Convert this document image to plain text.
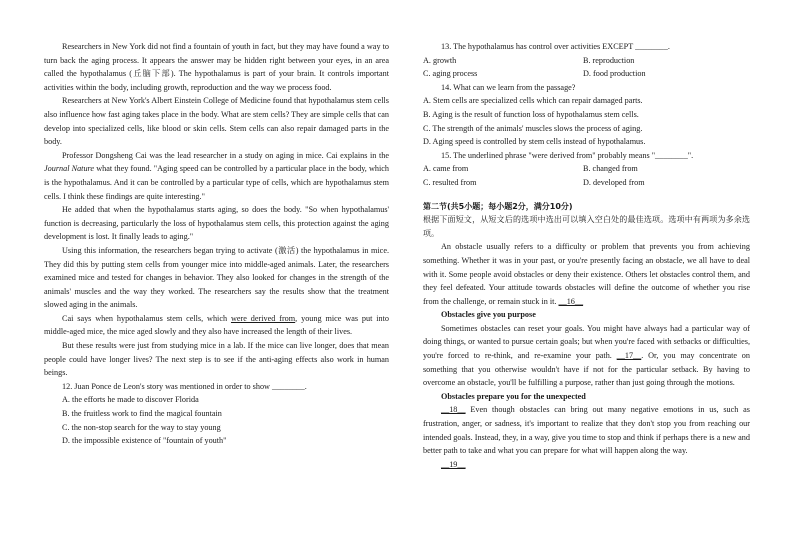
Researchers in New York did not find a fountain of youth in fact, but they may have found a way to turn back the aging process. It appears the answer may be hidden right between your eyes, in an area called the hypothalamus (丘脑下部). The hypothalamus is part of your brain. It controls important activities within the body, including growth, reproduction and the way we process food.

Researchers at New York's Albert Einstein College of Medicine found that hypothalamus stem cells also influence how fast aging takes place in the body. What are stem cells? They are simple cells that can develop into specialized cells, like blood or skin cells. Stem cells can also repair damaged parts in the body.

Professor Dongsheng Cai was the lead researcher in a study on aging in mice. Cai explains in the Journal Nature what they found. "Aging speed can be controlled by a particular place in the body, which is the hypothalamus. And it can be controlled by a particular type of cells, which are hypothalamus stem cells. I think these findings are quite interesting."

He added that when the hypothalamus starts aging, so does the body. "So when hypothalamus' function is decreasing, particularly the loss of hypothalamus stem cells, this protection against the aging development is lost. It finally leads to aging."

Using this information, the researchers began trying to activate (激活) the hypothalamus in mice. They did this by putting stem cells from younger mice into middle-aged animals. Later, the researchers examined mice and tested for changes in behavior. They also looked for changes in the strength of the animals' muscles and the way they worked. The researchers say the results show that the treatment slowed aging in the animals.

Cai says when hypothalamus stem cells, which were derived from, young mice was put into middle-aged mice, the mice aged slowly and they also have increased the length of their lives.

But these results were just from studying mice in a lab. If the mice can live longer, does that mean people could have longer lives? The next step is to see if the anti-aging effects also work in human beings.

12. Juan Ponce de Leon's story was mentioned in order to show ________.

A. the efforts he made to discover Florida

B. the fruitless work to find the magical fountain

C. the non-stop search for the way to stay young

D. the impossible existence of "fountain of youth"

13. The hypothalamus has control over activities EXCEPT ________.

A. growth	B. reproduction
C. aging process	D. food production

14. What can we learn from the passage?

A. Stem cells are specialized cells which can repair damaged parts.

B. Aging is the result of function loss of hypothalamus stem cells.

C. The strength of the animals' muscles slows the process of aging.

D. Aging speed is controlled by stem cells instead of hypothalamus.

15. The underlined phrase "were derived from" probably means "________".

A. came from	B. changed from
C. resulted from	D. developed from

第二节(共5小题；每小题2分，满分10分)

根据下面短文，从短文后的选项中选出可以填入空白处的最佳选项。选项中有两项为多余选项。

An obstacle usually refers to a difficulty or problem that prevents you from achieving something. Whether it was in your past, or you're presently facing an obstacle, we all have to deal with it. Some people avoid obstacles or deny their existence. Others let obstacles control them, and they feel defeated. Your attitude towards obstacles will define the outcome of whether you rise from the challenge, or remain stuck in it. __16__

Obstacles give you purpose

Sometimes obstacles can reset your goals. You might have always had a particular way of doing things, or wanted to pursue certain goals; but when you're faced with setbacks or difficulties, you're forced to re-think, and re-examine your path. __17__. Or, you may concentrate on something that you otherwise wouldn't have if not for the particular setback. By having to overcome an obstacle, you'll be fulfilling a purpose, rather than just going through the motions.

Obstacles prepare you for the unexpected

__18__ Even though obstacles can bring out many negative emotions in us, such as frustration, anger, or sadness, it's important to realize that they don't stop you from reaching our intended goals. Instead, they, in a way, give you time to stop and think if perhaps there is a new and better path to take and what you can prepare for what will happen along the way.

__19__
